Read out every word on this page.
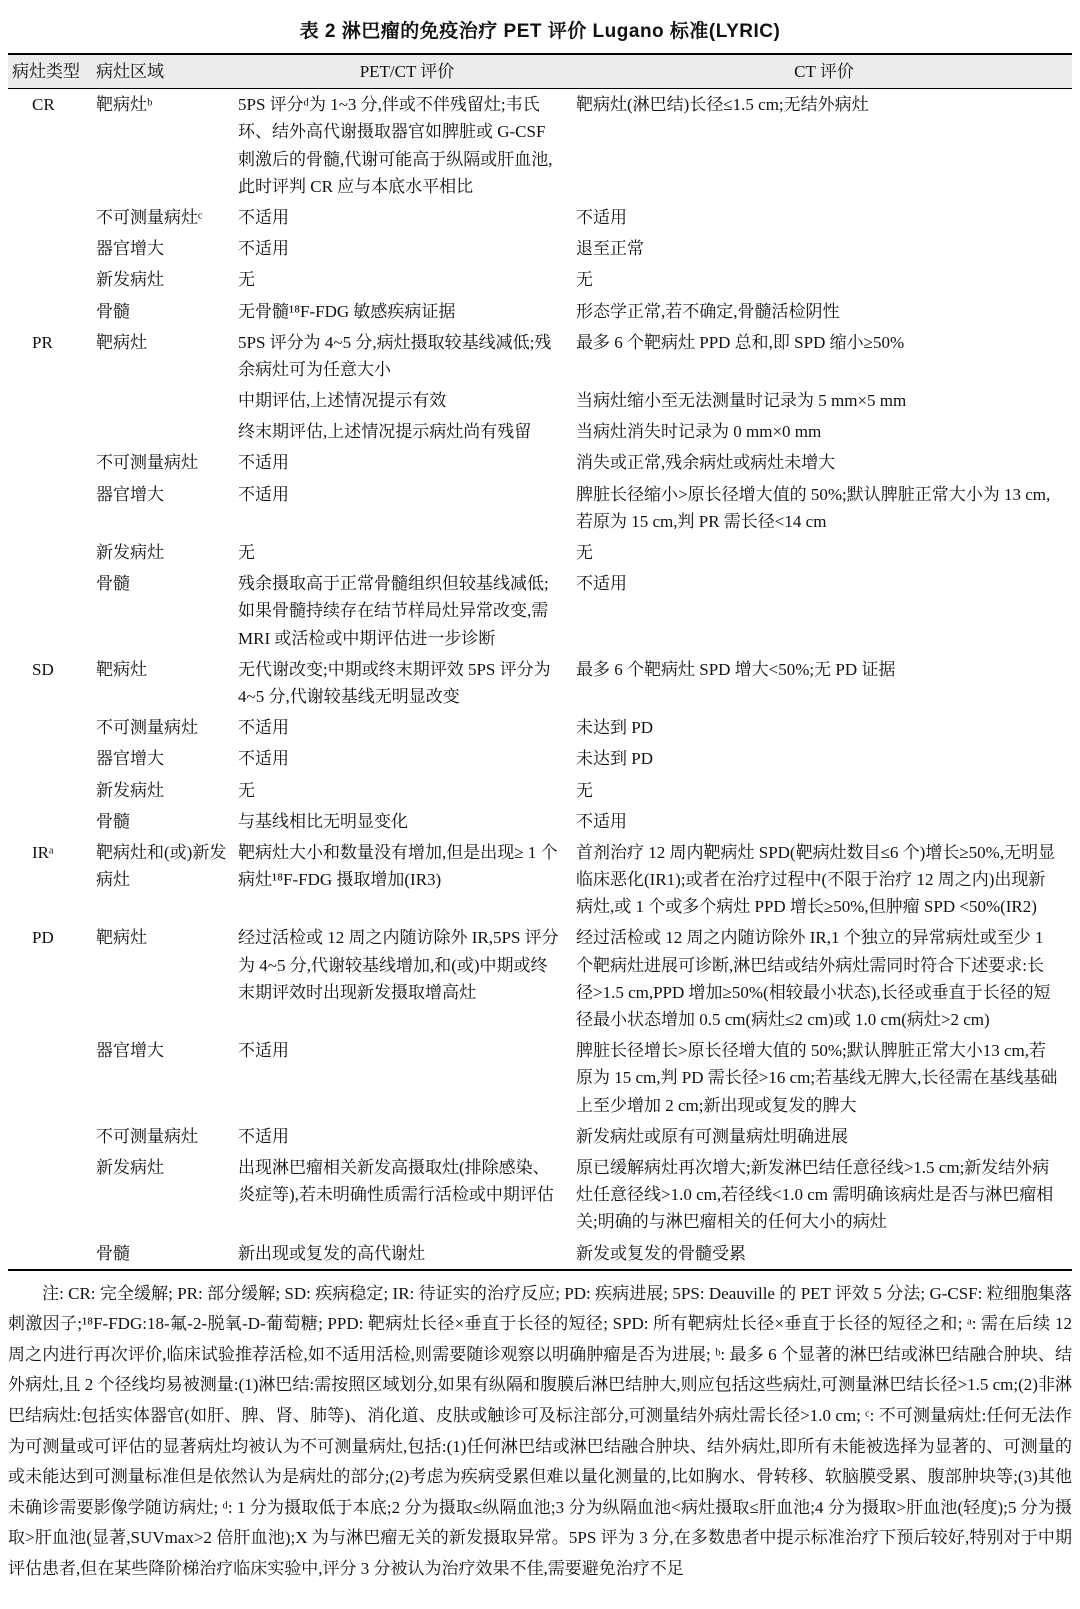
表 2 淋巴瘤的免疫治疗 PET 评价 Lugano 标准(LYRIC)
病灶类型	病灶区域	PET/CT 评价	CT 评价
CR	靶病灶ᵇ	5PS 评分ᵈ为 1~3 分,伴或不伴残留灶;韦氏环、结外高代谢摄取器官如脾脏或 G-CSF 刺激后的骨髓,代谢可能高于纵隔或肝血池,此时评判 CR 应与本底水平相比	靶病灶(淋巴结)长径≤1.5 cm;无结外病灶
	不可测量病灶ᶜ	不适用	不适用
	器官增大	不适用	退至正常
	新发病灶	无	无
	骨髓	无骨髓¹⁸F-FDG 敏感疾病证据	形态学正常,若不确定,骨髓活检阴性
PR	靶病灶	5PS 评分为 4~5 分,病灶摄取较基线减低;残余病灶可为任意大小	最多 6 个靶病灶 PPD 总和,即 SPD 缩小≥50%
		中期评估,上述情况提示有效	当病灶缩小至无法测量时记录为 5 mm×5 mm
		终末期评估,上述情况提示病灶尚有残留	当病灶消失时记录为 0 mm×0 mm
	不可测量病灶	不适用	消失或正常,残余病灶或病灶未增大
	器官增大	不适用	脾脏长径缩小>原长径增大值的 50%;默认脾脏正常大小为 13 cm,若原为 15 cm,判 PR 需长径<14 cm
	新发病灶	无	无
	骨髓	残余摄取高于正常骨髓组织但较基线减低;如果骨髓持续存在结节样局灶异常改变,需 MRI 或活检或中期评估进一步诊断	不适用
SD	靶病灶	无代谢改变;中期或终末期评效 5PS 评分为 4~5 分,代谢较基线无明显改变	最多 6 个靶病灶 SPD 增大<50%;无 PD 证据
	不可测量病灶	不适用	未达到 PD
	器官增大	不适用	未达到 PD
	新发病灶	无	无
	骨髓	与基线相比无明显变化	不适用
IRᵃ	靶病灶和(或)新发病灶	靶病灶大小和数量没有增加,但是出现≥ 1 个病灶¹⁸F-FDG 摄取增加(IR3)	首剂治疗 12 周内靶病灶 SPD(靶病灶数目≤6 个)增长≥50%,无明显临床恶化(IR1);或者在治疗过程中(不限于治疗 12 周之内)出现新病灶,或 1 个或多个病灶 PPD 增长≥50%,但肿瘤 SPD <50%(IR2)
PD	靶病灶	经过活检或 12 周之内随访除外 IR,5PS 评分为 4~5 分,代谢较基线增加,和(或)中期或终末期评效时出现新发摄取增高灶	经过活检或 12 周之内随访除外 IR,1 个独立的异常病灶或至少 1 个靶病灶进展可诊断,淋巴结或结外病灶需同时符合下述要求:长径>1.5 cm,PPD 增加≥50%(相较最小状态),长径或垂直于长径的短径最小状态增加 0.5 cm(病灶≤2 cm)或 1.0 cm(病灶>2 cm)
	器官增大	不适用	脾脏长径增长>原长径增大值的 50%;默认脾脏正常大小13 cm,若原为 15 cm,判 PD 需长径>16 cm;若基线无脾大,长径需在基线基础上至少增加 2 cm;新出现或复发的脾大
	不可测量病灶	不适用	新发病灶或原有可测量病灶明确进展
	新发病灶	出现淋巴瘤相关新发高摄取灶(排除感染、炎症等),若未明确性质需行活检或中期评估	原已缓解病灶再次增大;新发淋巴结任意径线>1.5 cm;新发结外病灶任意径线>1.0 cm,若径线<1.0 cm 需明确该病灶是否与淋巴瘤相关;明确的与淋巴瘤相关的任何大小的病灶
	骨髓	新出现或复发的高代谢灶	新发或复发的骨髓受累
注: CR: 完全缓解; PR: 部分缓解; SD: 疾病稳定; IR: 待证实的治疗反应; PD: 疾病进展; 5PS: Deauville 的 PET 评效 5 分法; G-CSF: 粒细胞集落刺激因子;¹⁸F-FDG:18-氟-2-脱氧-D-葡萄糖; PPD: 靶病灶长径×垂直于长径的短径; SPD: 所有靶病灶长径×垂直于长径的短径之和; ᵃ: 需在后续 12 周之内进行再次评价,临床试验推荐活检,如不适用活检,则需要随诊观察以明确肿瘤是否为进展; ᵇ: 最多 6 个显著的淋巴结或淋巴结融合肿块、结外病灶,且 2 个径线均易被测量:(1)淋巴结:需按照区域划分,如果有纵隔和腹膜后淋巴结肿大,则应包括这些病灶,可测量淋巴结长径>1.5 cm;(2)非淋巴结病灶:包括实体器官(如肝、脾、肾、肺等)、消化道、皮肤或触诊可及标注部分,可测量结外病灶需长径>1.0 cm; ᶜ: 不可测量病灶:任何无法作为可测量或可评估的显著病灶均被认为不可测量病灶,包括:(1)任何淋巴结或淋巴结融合肿块、结外病灶,即所有未能被选择为显著的、可测量的或未能达到可测量标准但是依然认为是病灶的部分;(2)考虑为疾病受累但难以量化测量的,比如胸水、骨转移、软脑膜受累、腹部肿块等;(3)其他未确诊需要影像学随访病灶; ᵈ: 1 分为摄取低于本底;2 分为摄取≤纵隔血池;3 分为纵隔血池<病灶摄取≤肝血池;4 分为摄取>肝血池(轻度);5 分为摄取>肝血池(显著,SUVmax>2 倍肝血池);X 为与淋巴瘤无关的新发摄取异常。5PS 评为 3 分,在多数患者中提示标准治疗下预后较好,特别对于中期评估患者,但在某些降阶梯治疗临床实验中,评分 3 分被认为治疗效果不佳,需要避免治疗不足
